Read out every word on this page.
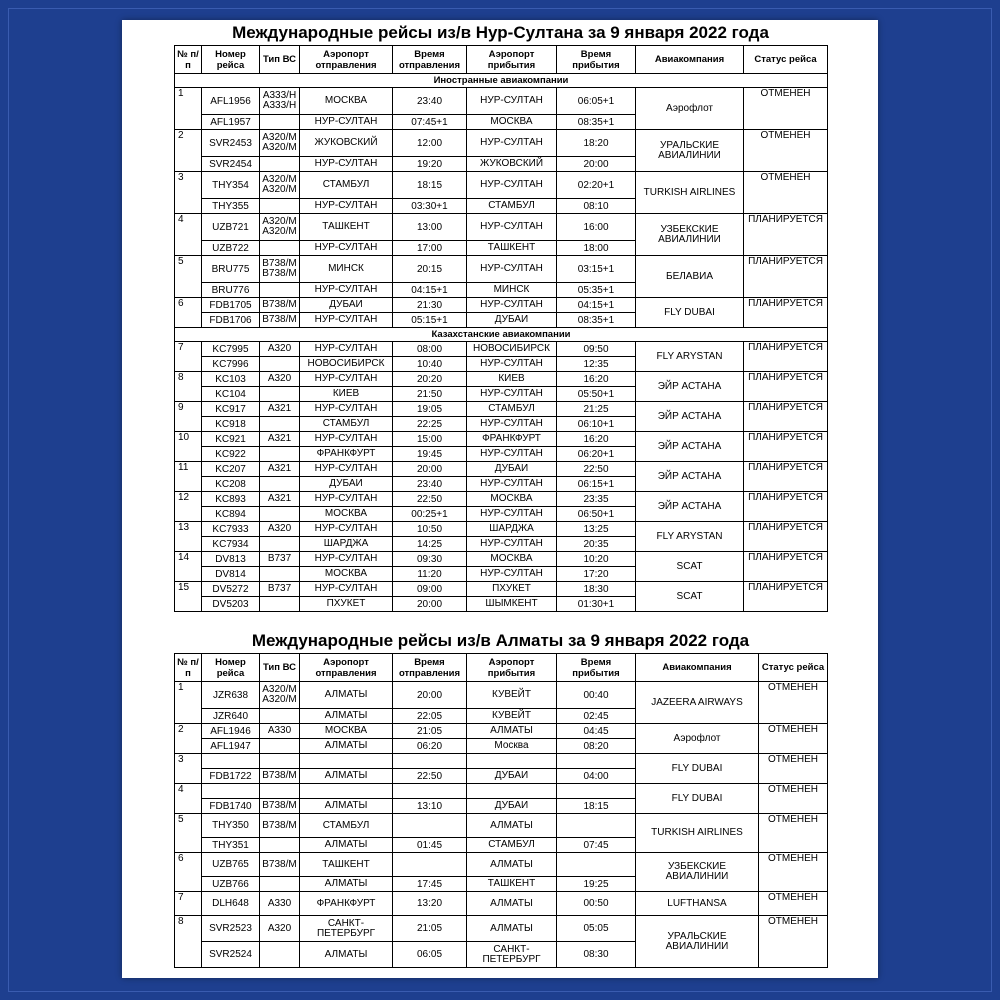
Международные рейсы из/в Нур-Султана за 9 января 2022 года
№ п/п	Номер рейса	Тип ВС	Аэропорт отправления	Время отправления	Аэропорт прибытия	Время прибытия	Авиакомпания	Статус рейса
Иностранные авиакомпании								
1	AFL1956	A333/H A333/H	МОСКВА	23:40	НУР-СУЛТАН	06:05+1	Аэрофлот	ОТМЕНЕН
	AFL1957		НУР-СУЛТАН	07:45+1	МОСКВА	08:35+1		
2	SVR2453	A320/M A320/M	ЖУКОВСКИЙ	12:00	НУР-СУЛТАН	18:20	УРАЛЬСКИЕ АВИАЛИНИИ	ОТМЕНЕН
	SVR2454		НУР-СУЛТАН	19:20	ЖУКОВСКИЙ	20:00		
3	THY354	A320/M A320/M	СТАМБУЛ	18:15	НУР-СУЛТАН	02:20+1	TURKISH AIRLINES	ОТМЕНЕН
	THY355		НУР-СУЛТАН	03:30+1	СТАМБУЛ	08:10		
4	UZB721	A320/M A320/M	ТАШКЕНТ	13:00	НУР-СУЛТАН	16:00	УЗБЕКСКИЕ АВИАЛИНИИ	ПЛАНИРУЕТСЯ
	UZB722		НУР-СУЛТАН	17:00	ТАШКЕНТ	18:00		
5	BRU775	B738/M B738/M	МИНСК	20:15	НУР-СУЛТАН	03:15+1	БЕЛАВИА	ПЛАНИРУЕТСЯ
	BRU776		НУР-СУЛТАН	04:15+1	МИНСК	05:35+1		
6	FDB1705	B738/M	ДУБАИ	21:30	НУР-СУЛТАН	04:15+1	FLY DUBAI	ПЛАНИРУЕТСЯ
	FDB1706	B738/M	НУР-СУЛТАН	05:15+1	ДУБАИ	08:35+1		
Казахстанские авиакомпании								
7	KC7995	A320	НУР-СУЛТАН	08:00	НОВОСИБИРСК	09:50	FLY ARYSTAN	ПЛАНИРУЕТСЯ
	KC7996		НОВОСИБИРСК	10:40	НУР-СУЛТАН	12:35		
8	KC103	A320	НУР-СУЛТАН	20:20	КИЕВ	16:20	ЭЙР АСТАНА	ПЛАНИРУЕТСЯ
	KC104		КИЕВ	21:50	НУР-СУЛТАН	05:50+1		
9	KC917	A321	НУР-СУЛТАН	19:05	СТАМБУЛ	21:25	ЭЙР АСТАНА	ПЛАНИРУЕТСЯ
	KC918		СТАМБУЛ	22:25	НУР-СУЛТАН	06:10+1		
10	KC921	A321	НУР-СУЛТАН	15:00	ФРАНКФУРТ	16:20	ЭЙР АСТАНА	ПЛАНИРУЕТСЯ
	KC922		ФРАНКФУРТ	19:45	НУР-СУЛТАН	06:20+1		
11	KC207	A321	НУР-СУЛТАН	20:00	ДУБАИ	22:50	ЭЙР АСТАНА	ПЛАНИРУЕТСЯ
	KC208		ДУБАИ	23:40	НУР-СУЛТАН	06:15+1		
12	KC893	A321	НУР-СУЛТАН	22:50	МОСКВА	23:35	ЭЙР АСТАНА	ПЛАНИРУЕТСЯ
	KC894		МОСКВА	00:25+1	НУР-СУЛТАН	06:50+1		
13	KC7933	A320	НУР-СУЛТАН	10:50	ШАРДЖА	13:25	FLY ARYSTAN	ПЛАНИРУЕТСЯ
	KC7934		ШАРДЖА	14:25	НУР-СУЛТАН	20:35		
14	DV813	B737	НУР-СУЛТАН	09:30	МОСКВА	10:20	SCAT	ПЛАНИРУЕТСЯ
	DV814		МОСКВА	11:20	НУР-СУЛТАН	17:20		
15	DV5272	B737	НУР-СУЛТАН	09:00	ПХУКЕТ	18:30	SCAT	ПЛАНИРУЕТСЯ
	DV5203		ПХУКЕТ	20:00	ШЫМКЕНТ	01:30+1		
Международные рейсы из/в Алматы за 9 января 2022 года
№ п/п	Номер рейса	Тип ВС	Аэропорт отправления	Время отправления	Аэропорт прибытия	Время прибытия	Авиакомпания	Статус рейса
1	JZR638	A320/M A320/M	АЛМАТЫ	20:00	КУВЕЙТ	00:40	JAZEERA AIRWAYS	ОТМЕНЕН
	JZR640		АЛМАТЫ	22:05	КУВЕЙТ	02:45		
2	AFL1946	A330	МОСКВА	21:05	АЛМАТЫ	04:45	Аэрофлот	ОТМЕНЕН
	AFL1947		АЛМАТЫ	06:20	Москва	08:20		
3							FLY DUBAI	ОТМЕНЕН
	FDB1722	B738/M	АЛМАТЫ	22:50	ДУБАИ	04:00		
4							FLY DUBAI	ОТМЕНЕН
	FDB1740	B738/M	АЛМАТЫ	13:10	ДУБАИ	18:15		
5	THY350	B738/M	СТАМБУЛ		АЛМАТЫ		TURKISH AIRLINES	ОТМЕНЕН
	THY351		АЛМАТЫ	01:45	СТАМБУЛ	07:45		
6	UZB765	B738/M	ТАШКЕНТ		АЛМАТЫ		УЗБЕКСКИЕ АВИАЛИНИИ	ОТМЕНЕН
	UZB766		АЛМАТЫ	17:45	ТАШКЕНТ	19:25		
7	DLH648	A330	ФРАНКФУРТ	13:20	АЛМАТЫ	00:50	LUFTHANSA	ОТМЕНЕН
8	SVR2523	A320	САНКТ-ПЕТЕРБУРГ	21:05	АЛМАТЫ	05:05	УРАЛЬСКИЕ АВИАЛИНИИ	ОТМЕНЕН
	SVR2524		АЛМАТЫ	06:05	САНКТ-ПЕТЕРБУРГ	08:30		
